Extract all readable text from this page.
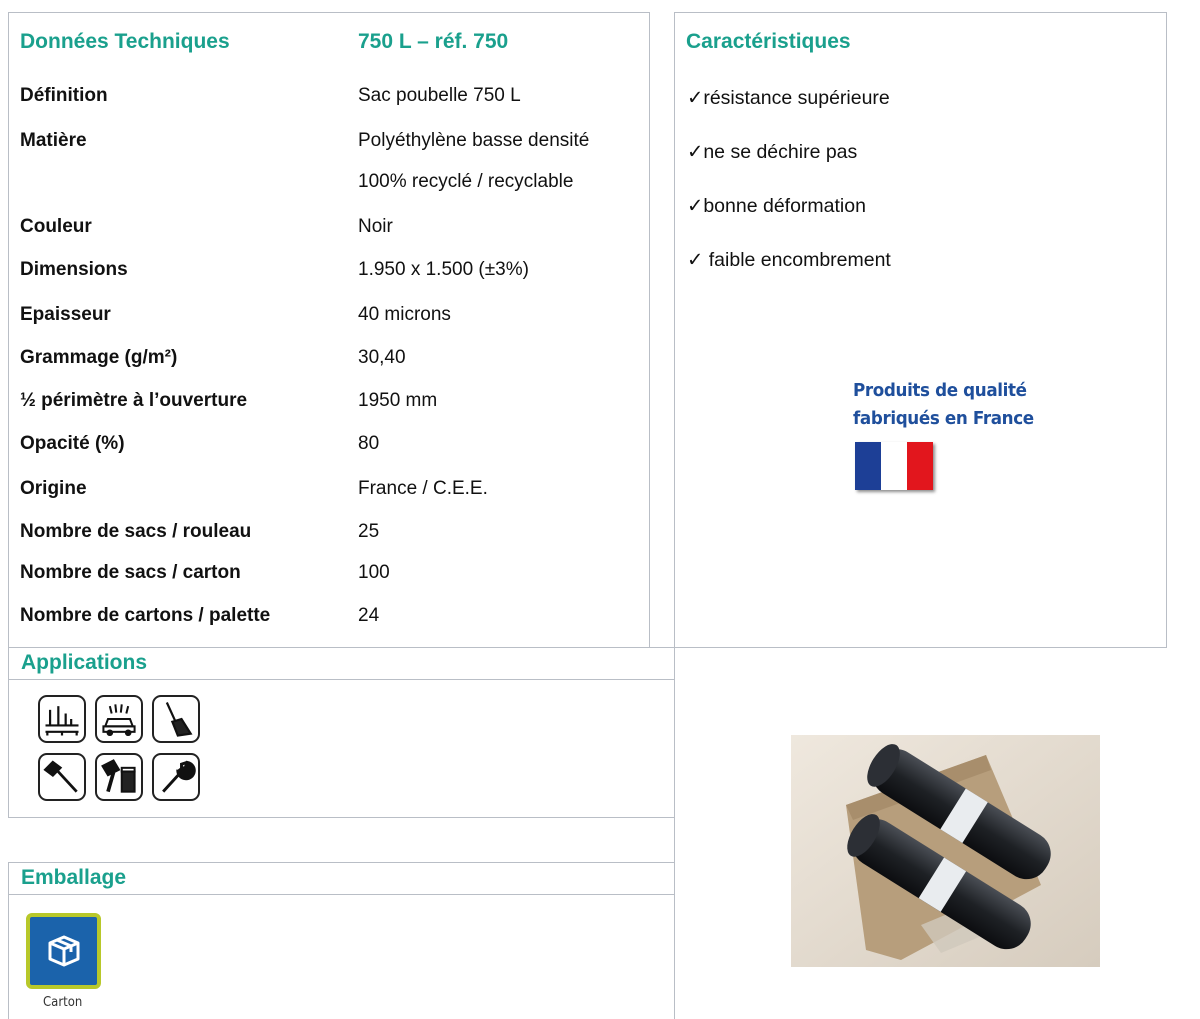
Données Techniques	750 L – réf. 750
Définition	Sac poubelle 750 L
Matière	Polyéthylène basse densité
100% recyclé / recyclable
Couleur	Noir
Dimensions	1.950 x 1.500 (±3%)
Epaisseur	40 microns
Grammage (g/m²)	30,40
½ périmètre à l’ouverture	1950 mm
Opacité (%)	80
Origine	France / C.E.E.
Nombre de sacs / rouleau	25
Nombre de sacs / carton	100
Nombre de cartons / palette	24
Caractéristiques
✓résistance supérieure
✓ne se déchire pas
✓bonne déformation
✓ faible encombrement
Produits de qualité
fabriqués en France
Applications
Emballage
Carton
